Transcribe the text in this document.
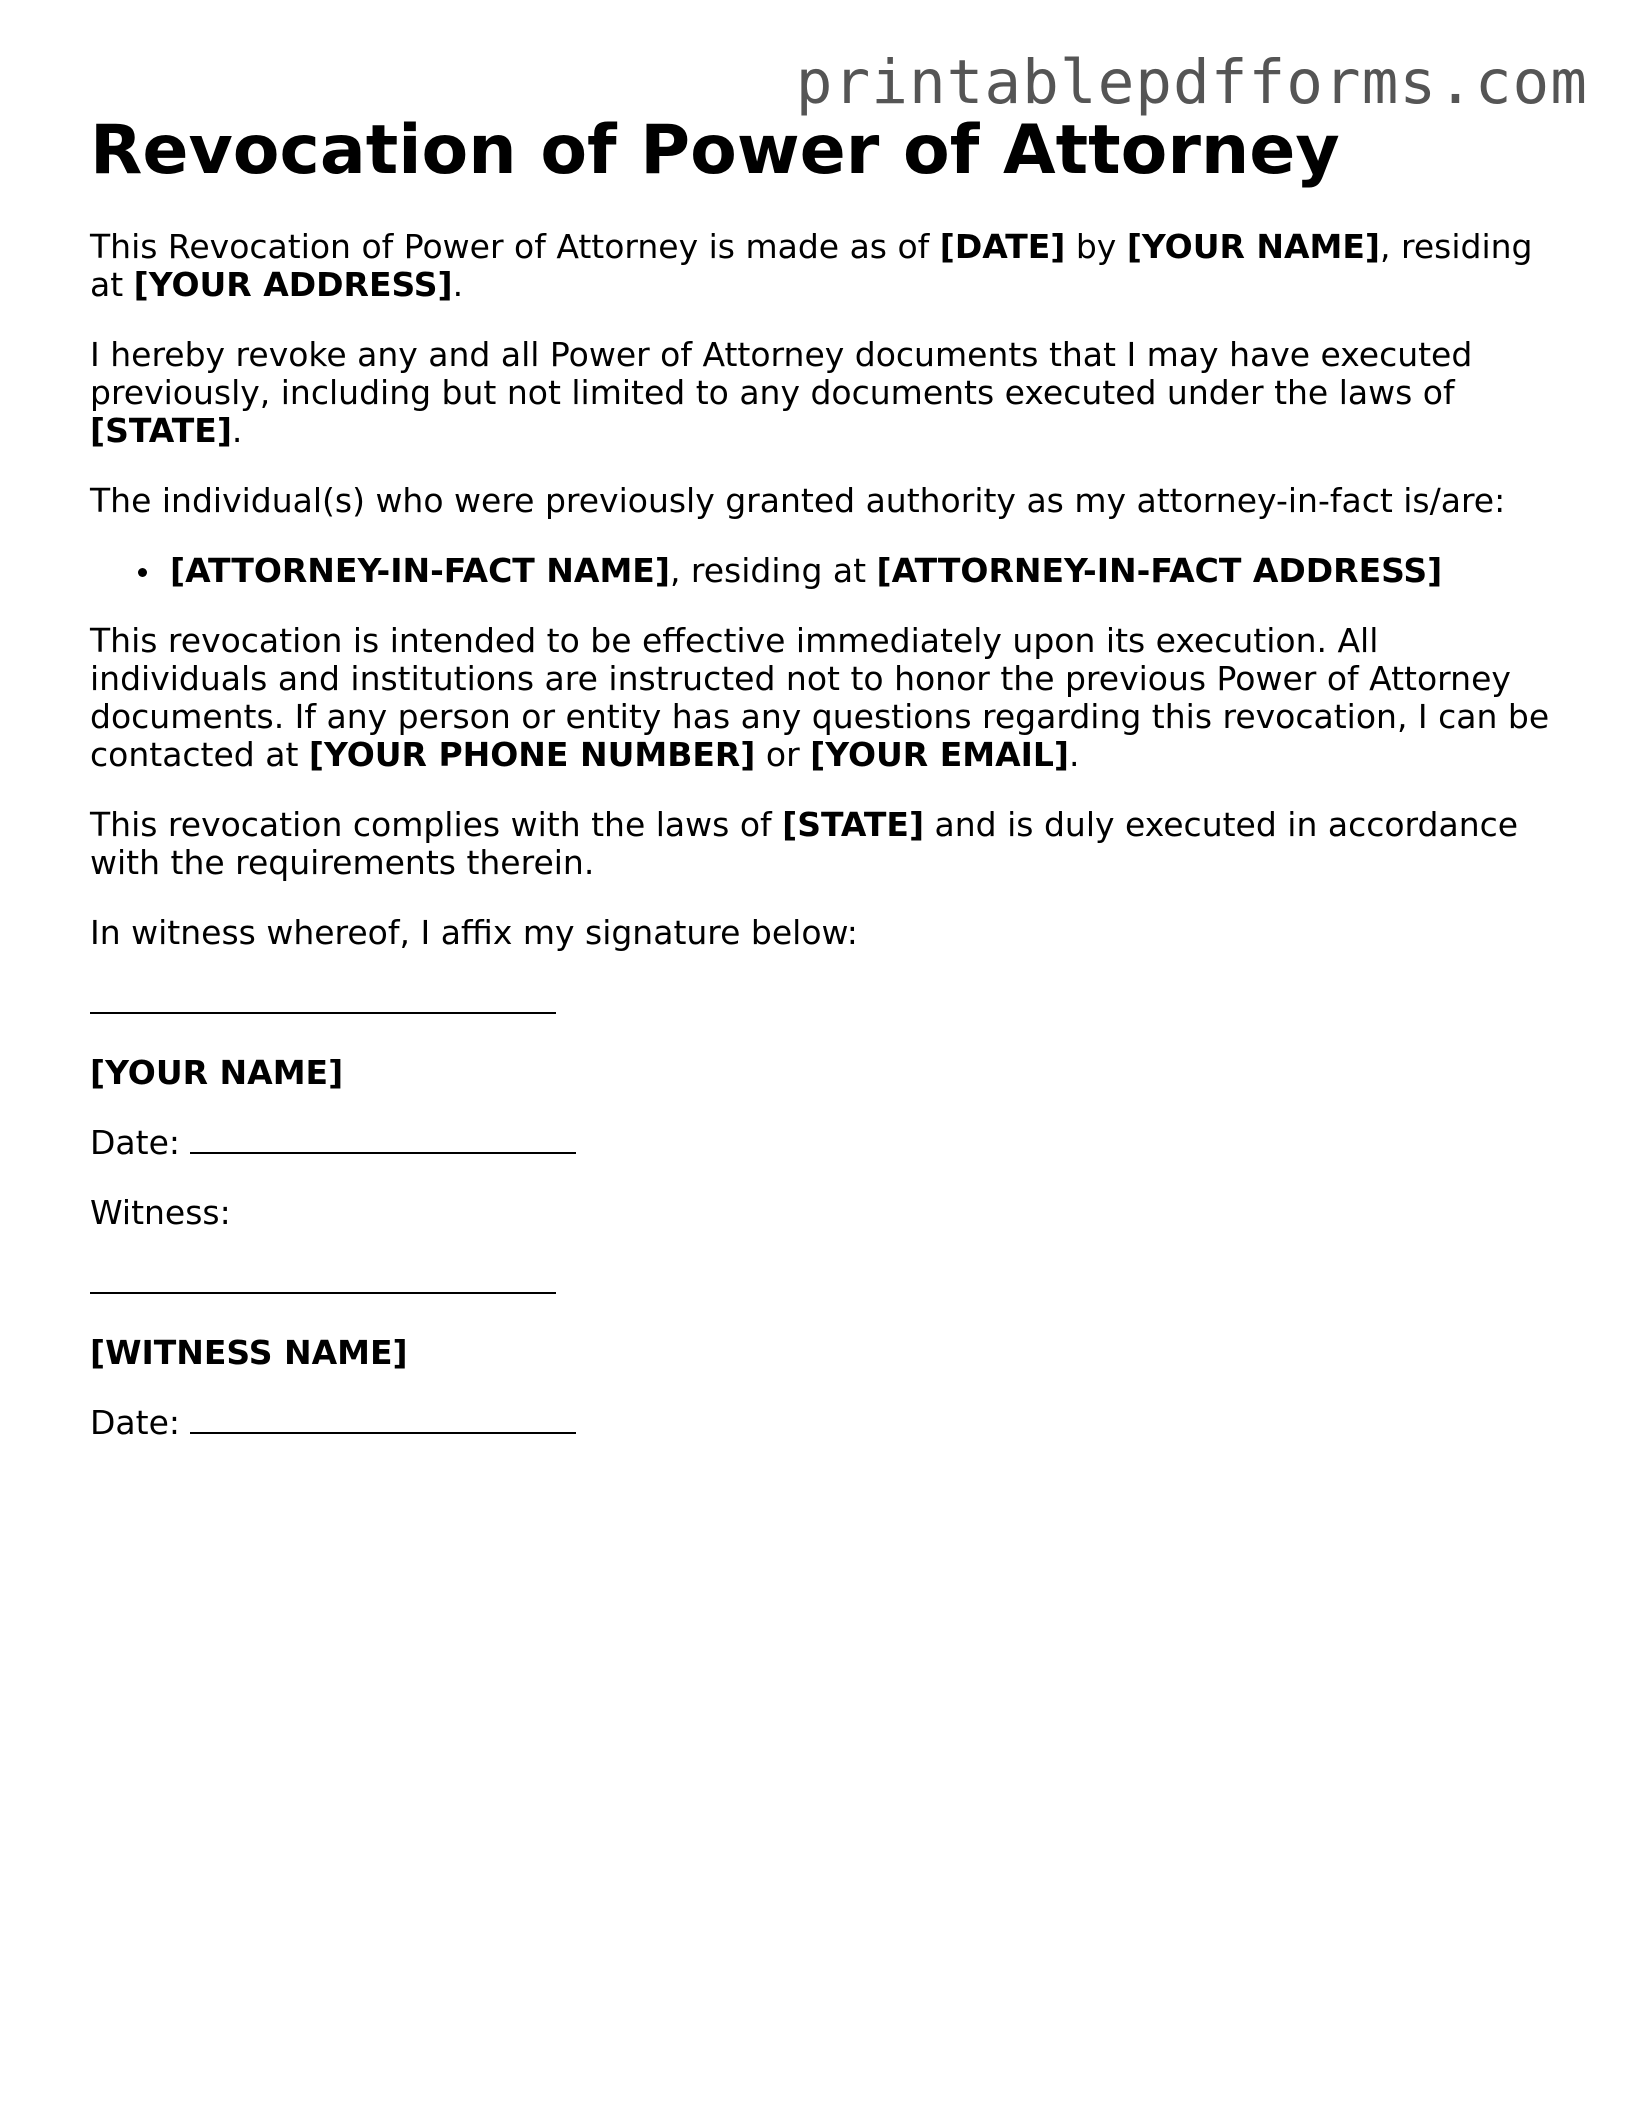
printablepdfforms.com
Revocation of Power of Attorney

This Revocation of Power of Attorney is made as of [DATE] by [YOUR NAME], residing at [YOUR ADDRESS].

I hereby revoke any and all Power of Attorney documents that I may have executed previously, including but not limited to any documents executed under the laws of [STATE].

The individual(s) who were previously granted authority as my attorney-in-fact is/are:

[ATTORNEY-IN-FACT NAME], residing at [ATTORNEY-IN-FACT ADDRESS]

This revocation is intended to be effective immediately upon its execution. All individuals and institutions are instructed not to honor the previous Power of Attorney documents. If any person or entity has any questions regarding this revocation, I can be contacted at [YOUR PHONE NUMBER] or [YOUR EMAIL].

This revocation complies with the laws of [STATE] and is duly executed in accordance with the requirements therein.

In witness whereof, I affix my signature below:

[YOUR NAME]

Date:

Witness:

[WITNESS NAME]

Date:
